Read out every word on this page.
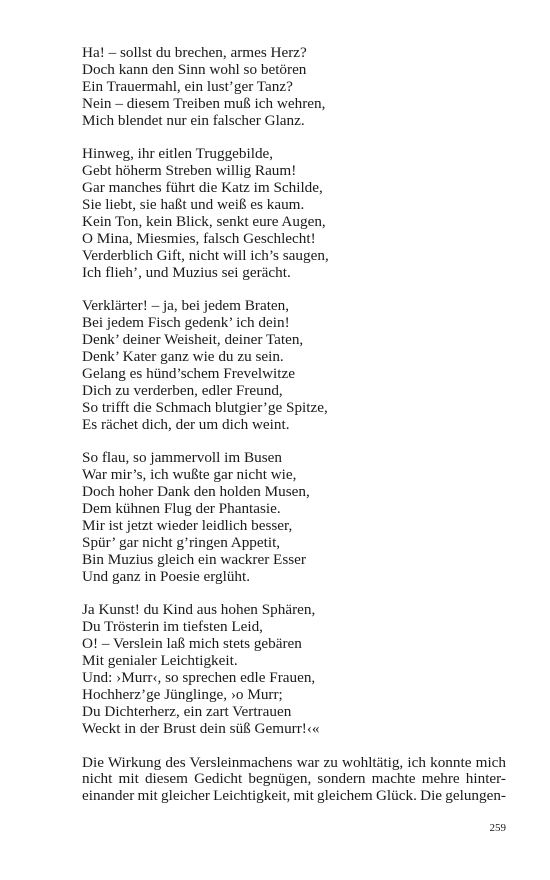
Ha! – sollst du brechen, armes Herz?
Doch kann den Sinn wohl so betören
Ein Trauermahl, ein lust’ger Tanz?
Nein – diesem Treiben muß ich wehren,
Mich blendet nur ein falscher Glanz.
Hinweg, ihr eitlen Truggebilde,
Gebt höherm Streben willig Raum!
Gar manches führt die Katz im Schilde,
Sie liebt, sie haßt und weiß es kaum.
Kein Ton, kein Blick, senkt eure Augen,
O Mina, Miesmies, falsch Geschlecht!
Verderblich Gift, nicht will ich’s saugen,
Ich flieh’, und Muzius sei gerächt.
Verklärter! – ja, bei jedem Braten,
Bei jedem Fisch gedenk’ ich dein!
Denk’ deiner Weisheit, deiner Taten,
Denk’ Kater ganz wie du zu sein.
Gelang es hünd’schem Frevelwitze
Dich zu verderben, edler Freund,
So trifft die Schmach blutgier’ge Spitze,
Es rächet dich, der um dich weint.
So flau, so jammervoll im Busen
War mir’s, ich wußte gar nicht wie,
Doch hoher Dank den holden Musen,
Dem kühnen Flug der Phantasie.
Mir ist jetzt wieder leidlich besser,
Spür’ gar nicht g’ringen Appetit,
Bin Muzius gleich ein wackrer Esser
Und ganz in Poesie erglüht.
Ja Kunst! du Kind aus hohen Sphären,
Du Trösterin im tiefsten Leid,
O! – Verslein laß mich stets gebären
Mit genialer Leichtigkeit.
Und: ›Murr‹, so sprechen edle Frauen,
Hochherz’ge Jünglinge, ›o Murr;
Du Dichterherz, ein zart Vertrauen
Weckt in der Brust dein süß Gemurr!‹«
Die Wirkung des Versleinmachens war zu wohltätig, ich konnte mich
nicht mit diesem Gedicht begnügen, sondern machte mehre hinter-
einander mit gleicher Leichtigkeit, mit gleichem Glück. Die gelungen-
259
